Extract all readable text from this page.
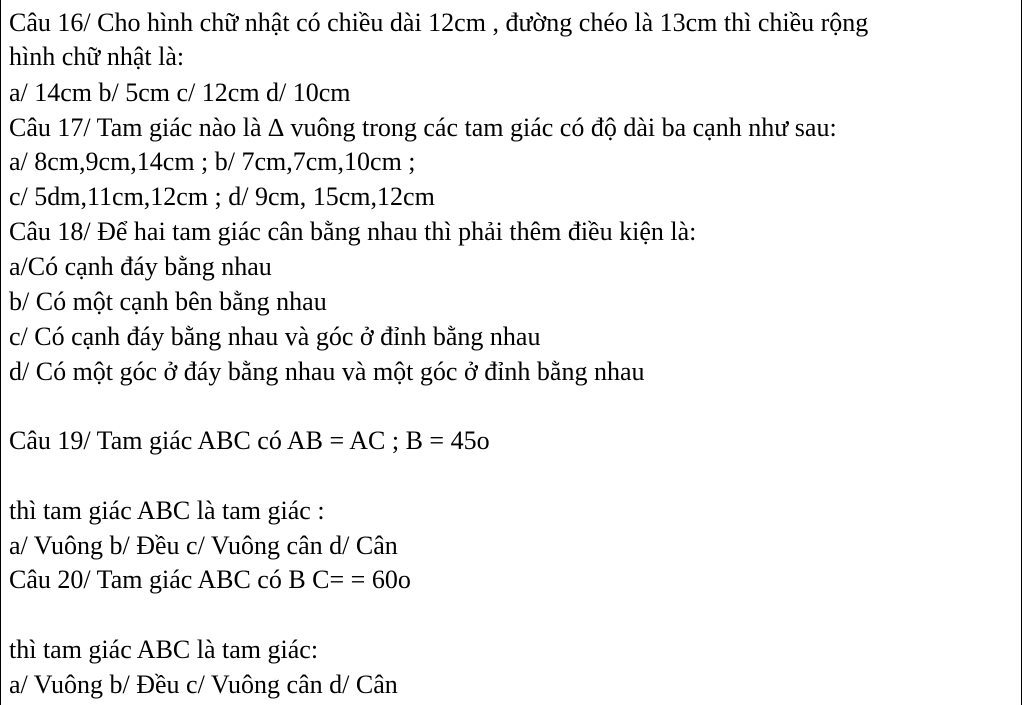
Câu 16/ Cho hình chữ nhật có chiều dài 12cm , đường chéo là 13cm thì chiều rộng
hình chữ nhật là:
a/ 14cm b/ 5cm c/ 12cm d/ 10cm
Câu 17/ Tam giác nào là ∆ vuông trong các tam giác có độ dài ba cạnh như sau:
a/ 8cm,9cm,14cm ; b/ 7cm,7cm,10cm ;
c/ 5dm,11cm,12cm ; d/ 9cm, 15cm,12cm
Câu 18/ Để hai tam giác cân bằng nhau thì phải thêm điều kiện là:
a/Có cạnh đáy bằng nhau
b/ Có một cạnh bên bằng nhau
c/ Có cạnh đáy bằng nhau và góc ở đỉnh bằng nhau
d/ Có một góc ở đáy bằng nhau và một góc ở đỉnh bằng nhau
Câu 19/ Tam giác ABC có AB = AC ; B = 45o
thì tam giác ABC là tam giác :
a/ Vuông b/ Đều c/ Vuông cân d/ Cân
Câu 20/ Tam giác ABC có B C= = 60o
thì tam giác ABC là tam giác:
a/ Vuông b/ Đều c/ Vuông cân d/ Cân
